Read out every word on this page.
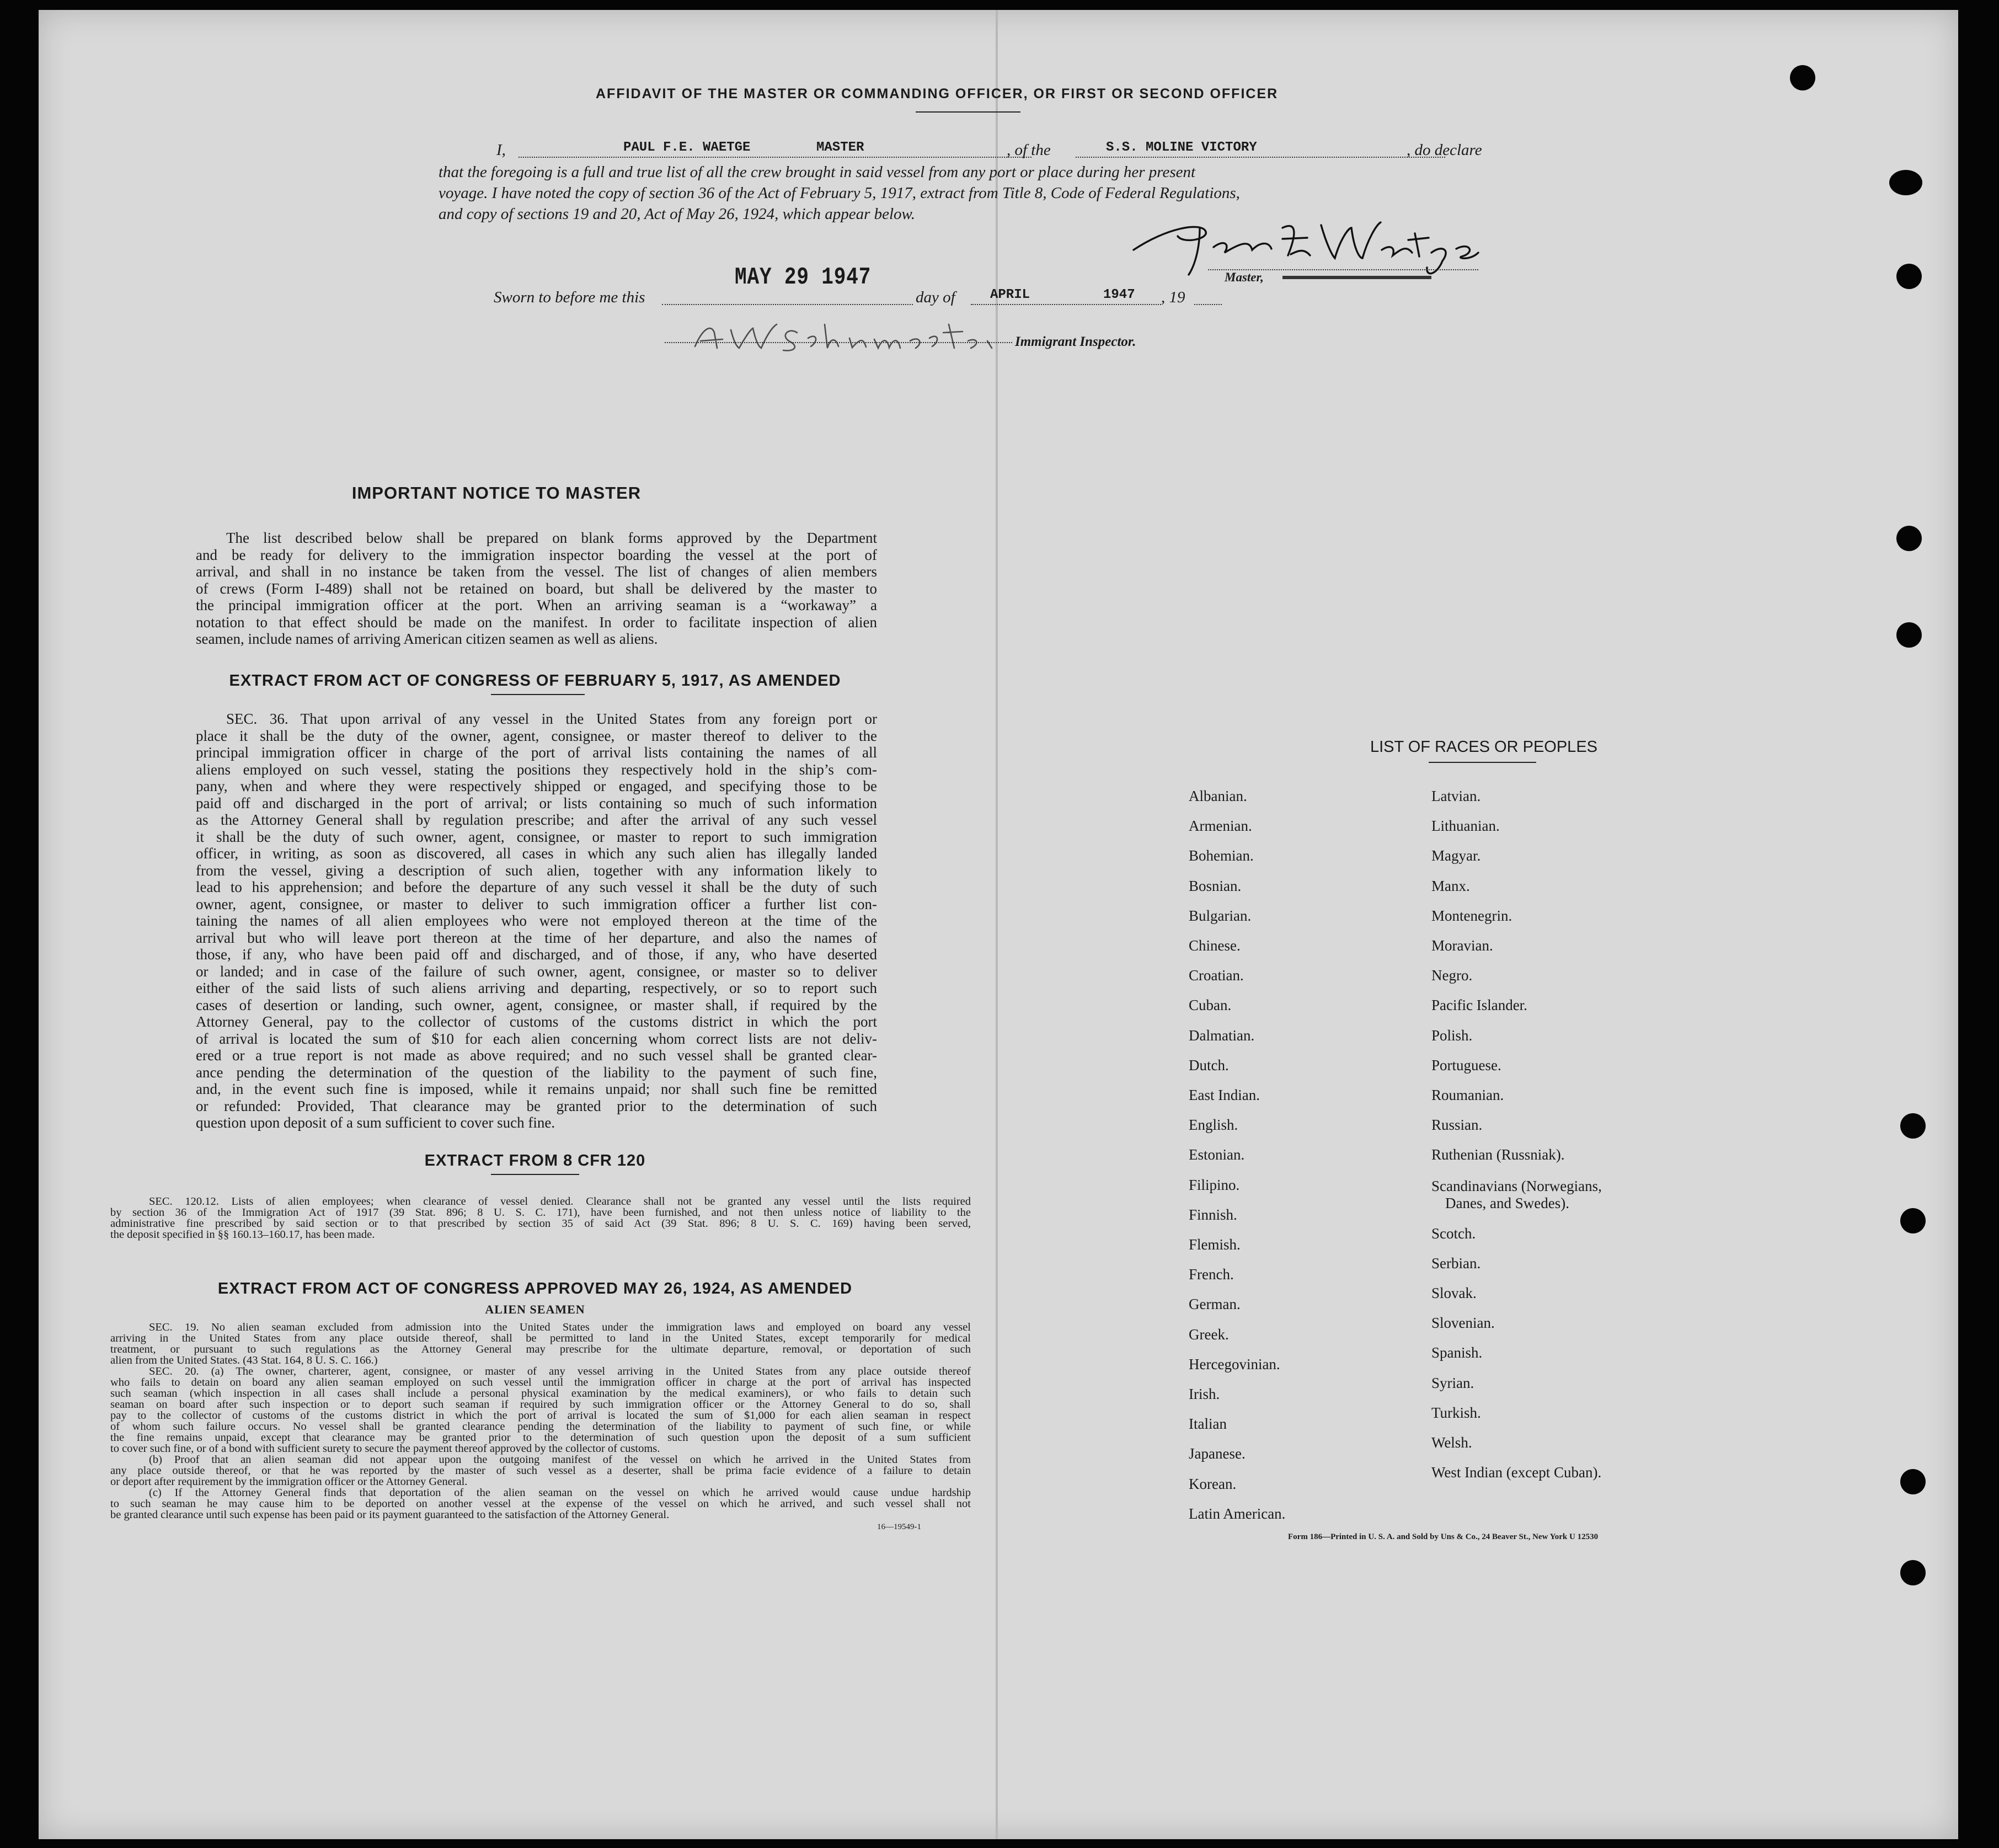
AFFIDAVIT OF THE MASTER OR COMMANDING OFFICER, OR FIRST OR SECOND OFFICER
I,	PAUL F.E. WAETGE	MASTER	, of the	S.S. MOLINE VICTORY	, do declare
that the foregoing is a full and true list of all the crew brought in said vessel from any port or place during her present
voyage. I have noted the copy of section 36 of the Act of February 5, 1917, extract from Title 8, Code of Federal Regulations,
and copy of sections 19 and 20, Act of May 26, 1924, which appear below.
Master,
MAY 29 1947
Sworn to before me this	day of	APRIL	1947 , 19
Immigrant Inspector.
IMPORTANT NOTICE TO MASTER
The list described below shall be prepared on blank forms approved by the Department
and be ready for delivery to the immigration inspector boarding the vessel at the port of
arrival, and shall in no instance be taken from the vessel. The list of changes of alien members
of crews (Form I-489) shall not be retained on board, but shall be delivered by the master to
the principal immigration officer at the port. When an arriving seaman is a “workaway” a
notation to that effect should be made on the manifest. In order to facilitate inspection of alien
seamen, include names of arriving American citizen seamen as well as aliens.
EXTRACT FROM ACT OF CONGRESS OF FEBRUARY 5, 1917, AS AMENDED
SEC. 36. That upon arrival of any vessel in the United States from any foreign port or
place it shall be the duty of the owner, agent, consignee, or master thereof to deliver to the
principal immigration officer in charge of the port of arrival lists containing the names of all
aliens employed on such vessel, stating the positions they respectively hold in the ship’s com-
pany, when and where they were respectively shipped or engaged, and specifying those to be
paid off and discharged in the port of arrival; or lists containing so much of such information
as the Attorney General shall by regulation prescribe; and after the arrival of any such vessel
it shall be the duty of such owner, agent, consignee, or master to report to such immigration
officer, in writing, as soon as discovered, all cases in which any such alien has illegally landed
from the vessel, giving a description of such alien, together with any information likely to
lead to his apprehension; and before the departure of any such vessel it shall be the duty of such
owner, agent, consignee, or master to deliver to such immigration officer a further list con-
taining the names of all alien employees who were not employed thereon at the time of the
arrival but who will leave port thereon at the time of her departure, and also the names of
those, if any, who have been paid off and discharged, and of those, if any, who have deserted
or landed; and in case of the failure of such owner, agent, consignee, or master so to deliver
either of the said lists of such aliens arriving and departing, respectively, or so to report such
cases of desertion or landing, such owner, agent, consignee, or master shall, if required by the
Attorney General, pay to the collector of customs of the customs district in which the port
of arrival is located the sum of $10 for each alien concerning whom correct lists are not deliv-
ered or a true report is not made as above required; and no such vessel shall be granted clear-
ance pending the determination of the question of the liability to the payment of such fine,
and, in the event such fine is imposed, while it remains unpaid; nor shall such fine be remitted
or refunded: Provided, That clearance may be granted prior to the determination of such
question upon deposit of a sum sufficient to cover such fine.
EXTRACT FROM 8 CFR 120
SEC. 120.12. Lists of alien employees; when clearance of vessel denied. Clearance shall not be granted any vessel until the lists required
by section 36 of the Immigration Act of 1917 (39 Stat. 896; 8 U. S. C. 171), have been furnished, and not then unless notice of liability to the
administrative fine prescribed by said section or to that prescribed by section 35 of said Act (39 Stat. 896; 8 U. S. C. 169) having been served,
the deposit specified in §§ 160.13–160.17, has been made.
EXTRACT FROM ACT OF CONGRESS APPROVED MAY 26, 1924, AS AMENDED
ALIEN SEAMEN
SEC. 19. No alien seaman excluded from admission into the United States under the immigration laws and employed on board any vessel
arriving in the United States from any place outside thereof, shall be permitted to land in the United States, except temporarily for medical
treatment, or pursuant to such regulations as the Attorney General may prescribe for the ultimate departure, removal, or deportation of such
alien from the United States. (43 Stat. 164, 8 U. S. C. 166.)
SEC. 20. (a) The owner, charterer, agent, consignee, or master of any vessel arriving in the United States from any place outside thereof
who fails to detain on board any alien seaman employed on such vessel until the immigration officer in charge at the port of arrival has inspected
such seaman (which inspection in all cases shall include a personal physical examination by the medical examiners), or who fails to detain such
seaman on board after such inspection or to deport such seaman if required by such immigration officer or the Attorney General to do so, shall
pay to the collector of customs of the customs district in which the port of arrival is located the sum of $1,000 for each alien seaman in respect
of whom such failure occurs. No vessel shall be granted clearance pending the determination of the liability to payment of such fine, or while
the fine remains unpaid, except that clearance may be granted prior to the determination of such question upon the deposit of a sum sufficient
to cover such fine, or of a bond with sufficient surety to secure the payment thereof approved by the collector of customs.
(b) Proof that an alien seaman did not appear upon the outgoing manifest of the vessel on which he arrived in the United States from
any place outside thereof, or that he was reported by the master of such vessel as a deserter, shall be prima facie evidence of a failure to detain
or deport after requirement by the immigration officer or the Attorney General.
(c) If the Attorney General finds that deportation of the alien seaman on the vessel on which he arrived would cause undue hardship
to such seaman he may cause him to be deported on another vessel at the expense of the vessel on which he arrived, and such vessel shall not
be granted clearance until such expense has been paid or its payment guaranteed to the satisfaction of the Attorney General.
16—19549-1
LIST OF RACES OR PEOPLES
Albanian.
Armenian.
Bohemian.
Bosnian.
Bulgarian.
Chinese.
Croatian.
Cuban.
Dalmatian.
Dutch.
East Indian.
English.
Estonian.
Filipino.
Finnish.
Flemish.
French.
German.
Greek.
Hercegovinian.
Irish.
Italian
Japanese.
Korean.
Latin American.
Latvian.
Lithuanian.
Magyar.
Manx.
Montenegrin.
Moravian.
Negro.
Pacific Islander.
Polish.
Portuguese.
Roumanian.
Russian.
Ruthenian (Russniak).
Scandinavians (Norwegians,
Danes, and Swedes).
Scotch.
Serbian.
Slovak.
Slovenian.
Spanish.
Syrian.
Turkish.
Welsh.
West Indian (except Cuban).
Form 186—Printed in U. S. A. and Sold by Uns & Co., 24 Beaver St., New York U 12530
